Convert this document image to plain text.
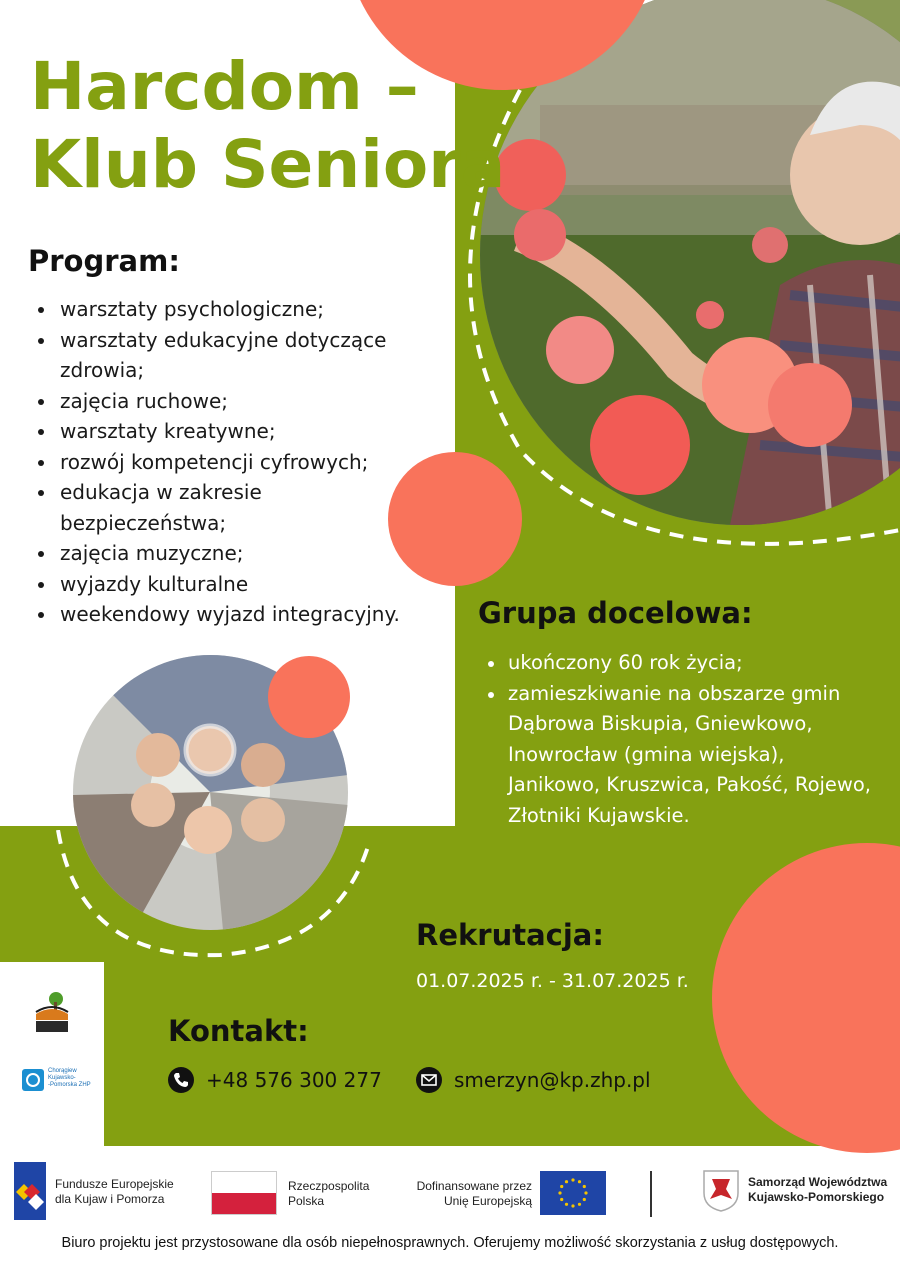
Harcdom –
Klub Seniora
Program:
warsztaty psychologiczne;
warsztaty edukacyjne dotyczące zdrowia;
zajęcia ruchowe;
warsztaty kreatywne;
rozwój kompetencji cyfrowych;
edukacja w zakresie bezpieczeństwa;
zajęcia muzyczne;
wyjazdy kulturalne
weekendowy wyjazd integracyjny.	Grupa docelowa:
ukończony 60 rok życia;
zamieszkiwanie na obszarze gmin Dąbrowa Biskupia, Gniewkowo, Inowrocław (gmina wiejska), Janikowo, Kruszwica, Pakość, Rojewo, Złotniki Kujawskie.
Rekrutacja:
01.07.2025 r. - 31.07.2025 r.
Kontakt:
+48 576 300 277	smerzyn@kp.zhp.pl
Chorągiew
Kujawsko-
-Pomorska ZHP
Fundusze Europejskie dla Kujaw i Pomorza
Rzeczpospolita Polska
Dofinansowane przez Unię Europejską
Samorząd Województwa Kujawsko-Pomorskiego
Biuro projektu jest przystosowane dla osób niepełnosprawnych. Oferujemy możliwość skorzystania z usług dostępowych.
